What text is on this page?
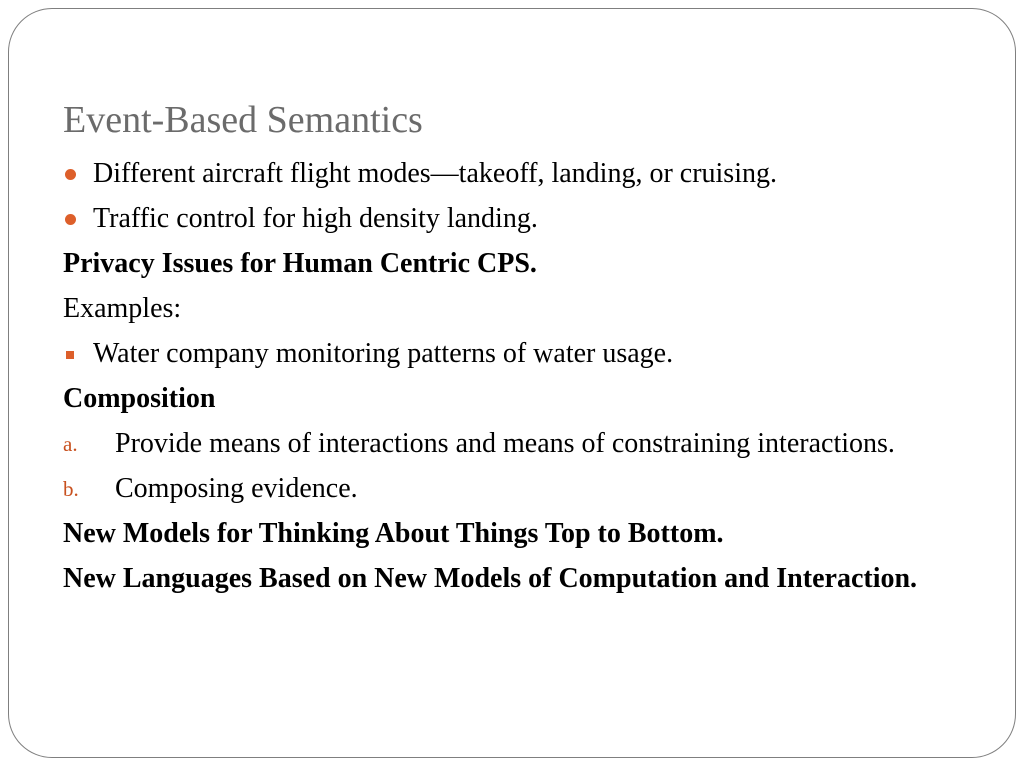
Event-Based Semantics
Different aircraft flight modes—takeoff, landing, or cruising.
Traffic control for high density landing.
Privacy Issues for Human Centric CPS.
Examples:
Water company monitoring patterns of water usage.
Composition
a. Provide means of interactions and means of constraining interactions.
b. Composing evidence.
New Models for Thinking About Things Top to Bottom.
New Languages Based on New Models of Computation and Interaction.
